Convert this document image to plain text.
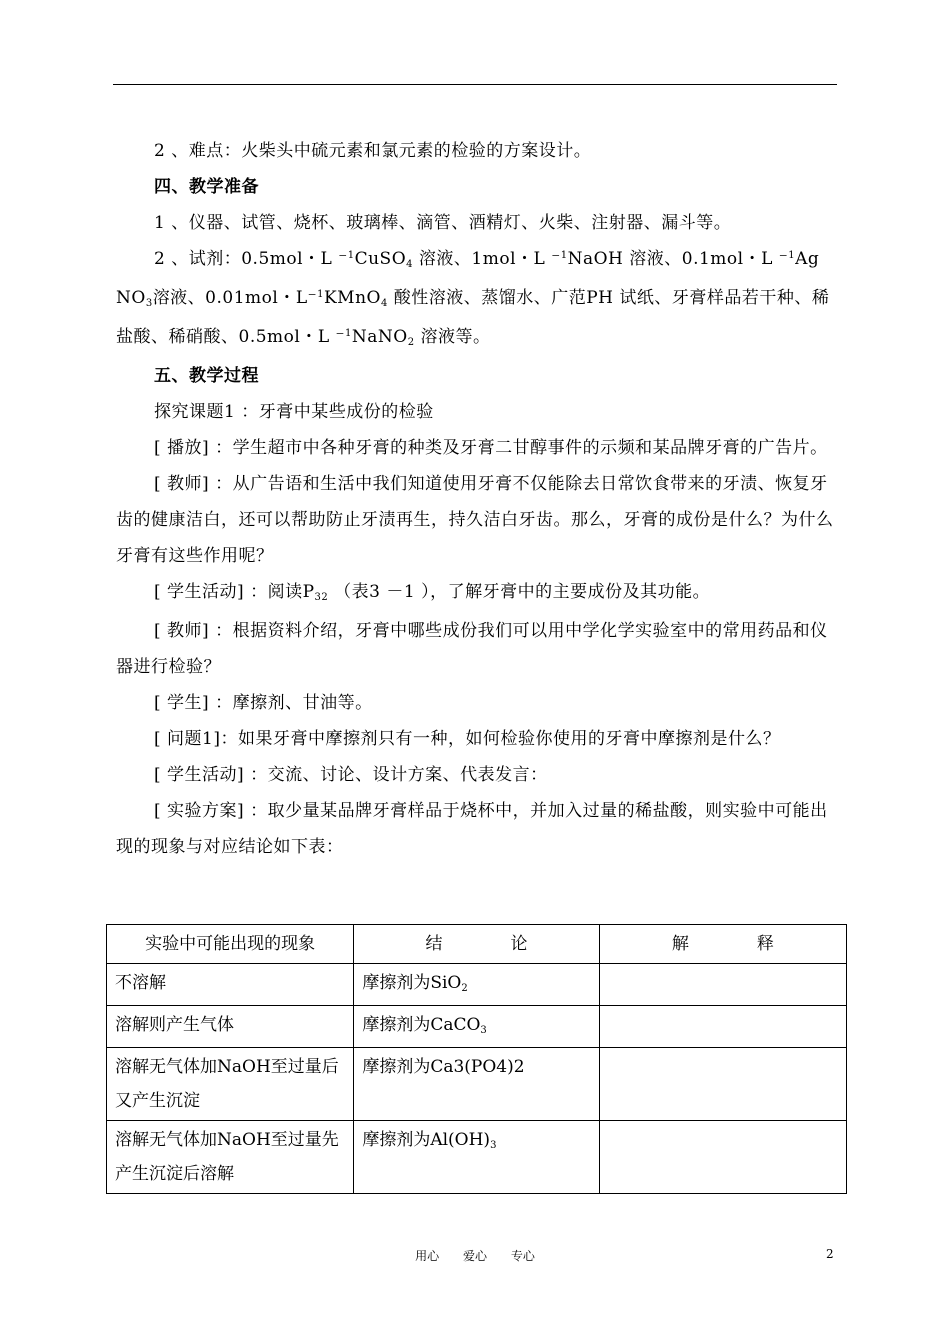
2 、难点：火柴头中硫元素和氯元素的检验的方案设计。

四、教学准备

1 、仪器、试管、烧杯、玻璃棒、滴管、酒精灯、火柴、注射器、漏斗等。

2 、试剂：0.5mol・L ⁻$^1$CuSO$_4$ 溶液、1mol・L ⁻$^1$NaOH 溶液、0.1mol・L ⁻$^1$Ag $NO_3$溶液、0.01mol・L⁻$^1$KMnO$_4$ 酸性溶液、蒸馏水、广范PH 试纸、牙膏样品若干种、稀盐酸、稀硝酸、0.5mol・L ⁻$^1$NaNO$_2$ 溶液等。

五、教学过程

探究课题1 ：牙膏中某些成份的检验

[ 播放] ：学生超市中各种牙膏的种类及牙膏二甘醇事件的示频和某品牌牙膏的广告片。

[ 教师] ：从广告语和生活中我们知道使用牙膏不仅能除去日常饮食带来的牙渍、恢复牙齿的健康洁白，还可以帮助防止牙渍再生，持久洁白牙齿。那么，牙膏的成份是什么？为什么牙膏有这些作用呢？

[ 学生活动] ：阅读$P_{32}$ （表3 －1 ），了解牙膏中的主要成份及其功能。

[ 教师] ：根据资料介绍，牙膏中哪些成份我们可以用中学化学实验室中的常用药品和仪器进行检验？

[ 学生] ：摩擦剂、甘油等。

[ 问题1]：如果牙膏中摩擦剂只有一种，如何检验你使用的牙膏中摩擦剂是什么？

[ 学生活动] ：交流、讨论、设计方案、代表发言：

[ 实验方案] ：取少量某品牌牙膏样品于烧杯中，并加入过量的稀盐酸，则实验中可能出现的现象与对应结论如下表：

实验中可能出现的现象	结　　　　论	解　　　　释
不溶解	摩擦剂为SiO$_2$	
溶解则产生气体	摩擦剂为CaCO$_3$	
溶解无气体加NaOH至过量后又产生沉淀	摩擦剂为Ca3(PO4)2	
溶解无气体加NaOH至过量先产生沉淀后溶解	摩擦剂为$Al(OH)_3$	
用心 爱心 专心	2
